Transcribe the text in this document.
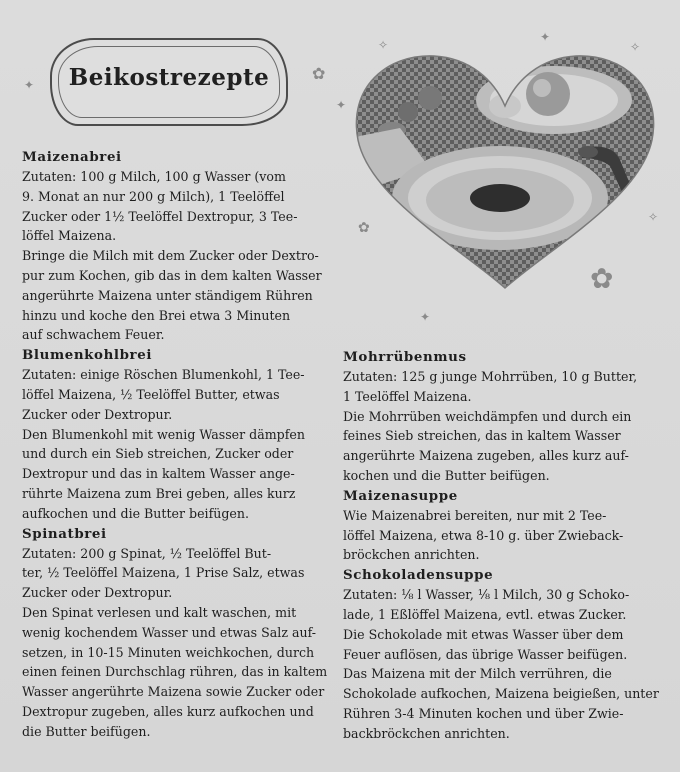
Beikostrezepte
✦
✿
✦
✧
✦
✧
✿
✿
✦
✧

Maizenabrei

Zutaten: 100 g Milch, 100 g Wasser (vom

9. Monat an nur 200 g Milch), 1 Teelöffel

Zucker oder 1½ Teelöffel Dextropur, 3 Tee-

löffel Maizena.

Bringe die Milch mit dem Zucker oder Dextro-

pur zum Kochen, gib das in dem kalten Wasser

angerührte Maizena unter ständigem Rühren

hinzu und koche den Brei etwa 3 Minuten

auf schwachem Feuer.

Blumenkohlbrei

Zutaten: einige Röschen Blumenkohl, 1 Tee-

löffel Maizena, ½ Teelöffel Butter, etwas

Zucker oder Dextropur.

Den Blumenkohl mit wenig Wasser dämpfen

und durch ein Sieb streichen, Zucker oder

Dextropur und das in kaltem Wasser ange-

rührte Maizena zum Brei geben, alles kurz

aufkochen und die Butter beifügen.

Spinatbrei

Zutaten: 200 g Spinat, ½ Teelöffel But-

ter, ½ Teelöffel Maizena, 1 Prise Salz, etwas

Zucker oder Dextropur.

Den Spinat verlesen und kalt waschen, mit

wenig kochendem Wasser und etwas Salz auf-

setzen, in 10-15 Minuten weichkochen, durch

einen feinen Durchschlag rühren, das in kaltem

Wasser angerührte Maizena sowie Zucker oder

Dextropur zugeben, alles kurz aufkochen und

die Butter beifügen.

Mohrrübenmus

Zutaten: 125 g junge Mohrrüben, 10 g Butter,

1 Teelöffel Maizena.

Die Mohrrüben weichdämpfen und durch ein

feines Sieb streichen, das in kaltem Wasser

angerührte Maizena zugeben, alles kurz auf-

kochen und die Butter beifügen.

Maizenasuppe

Wie Maizenabrei bereiten, nur mit 2 Tee-

löffel Maizena, etwa 8-10 g. über Zwieback-

bröckchen anrichten.

Schokoladensuppe

Zutaten: ⅛ l Wasser, ⅛ l Milch, 30 g Schoko-

lade, 1 Eßlöffel Maizena, evtl. etwas Zucker.

Die Schokolade mit etwas Wasser über dem

Feuer auflösen, das übrige Wasser beifügen.

Das Maizena mit der Milch verrühren, die

Schokolade aufkochen, Maizena beigießen, unter

Rühren 3-4 Minuten kochen und über Zwie-

backbröckchen anrichten.
